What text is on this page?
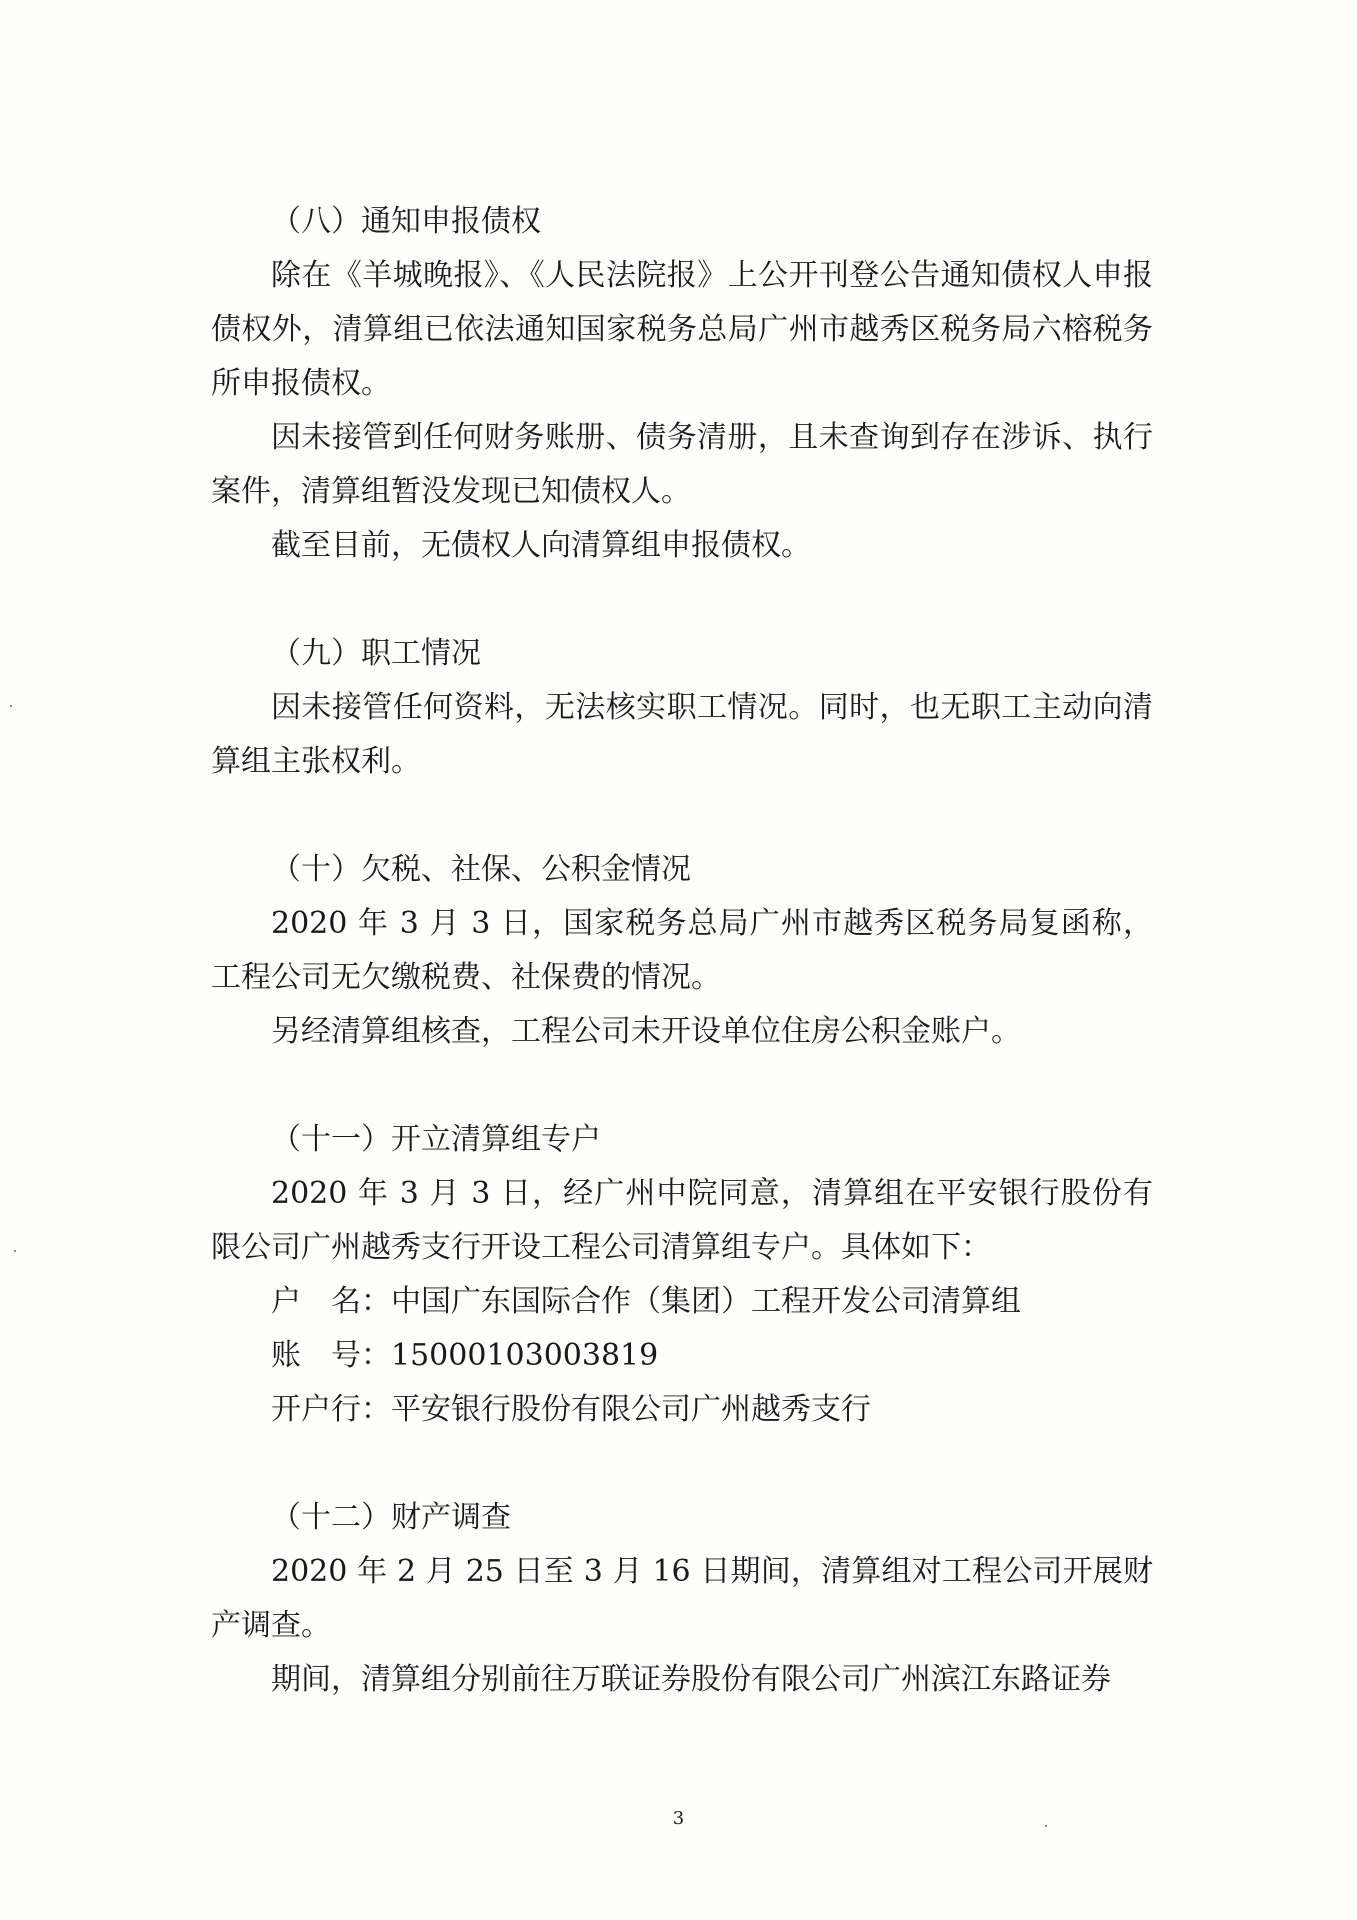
（八）通知申报债权

除在《羊城晚报》、《人民法院报》上公开刊登公告通知债权人申报债权外，清算组已依法通知国家税务总局广州市越秀区税务局六榕税务所申报债权。

因未接管到任何财务账册、债务清册，且未查询到存在涉诉、执行案件，清算组暂没发现已知债权人。

截至目前，无债权人向清算组申报债权。

（九）职工情况

因未接管任何资料，无法核实职工情况。同时，也无职工主动向清算组主张权利。

（十）欠税、社保、公积金情况

2020 年 3 月 3 日，国家税务总局广州市越秀区税务局复函称，工程公司无欠缴税费、社保费的情况。

另经清算组核查，工程公司未开设单位住房公积金账户。

（十一）开立清算组专户

2020 年 3 月 3 日，经广州中院同意，清算组在平安银行股份有限公司广州越秀支行开设工程公司清算组专户。具体如下：

户　名：中国广东国际合作（集团）工程开发公司清算组
账　号：15000103003819
开户行：平安银行股份有限公司广州越秀支行
（十二）财产调查

2020 年 2 月 25 日至 3 月 16 日期间，清算组对工程公司开展财产调查。

期间，清算组分别前往万联证券股份有限公司广州滨江东路证券

3
